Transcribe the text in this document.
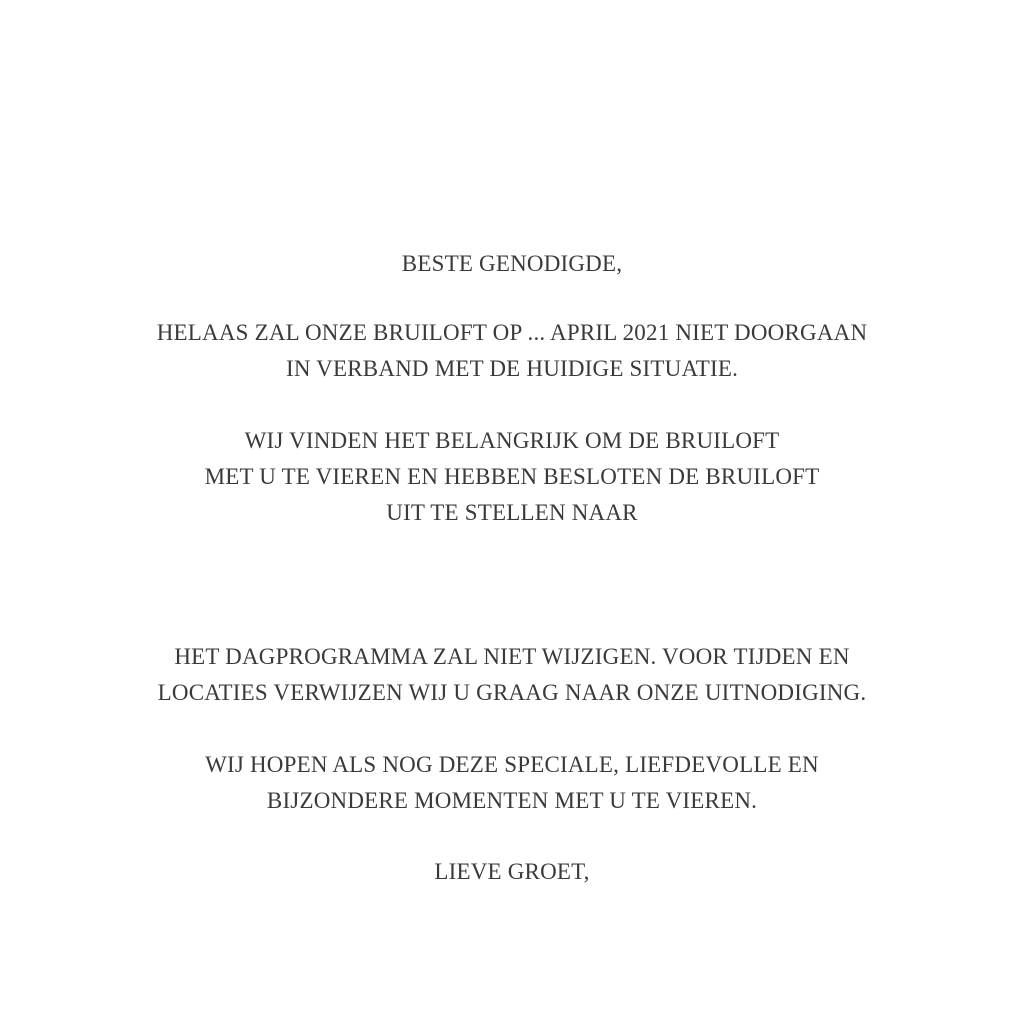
BESTE GENODIGDE,
HELAAS ZAL ONZE BRUILOFT OP ... APRIL 2021 NIET DOORGAAN
IN VERBAND MET DE HUIDIGE SITUATIE.
WIJ VINDEN HET BELANGRIJK OM DE BRUILOFT
MET U TE VIEREN EN HEBBEN BESLOTEN DE BRUILOFT
UIT TE STELLEN NAAR
HET DAGPROGRAMMA ZAL NIET WIJZIGEN. VOOR TIJDEN EN
LOCATIES VERWIJZEN WIJ U GRAAG NAAR ONZE UITNODIGING.
WIJ HOPEN ALS NOG DEZE SPECIALE, LIEFDEVOLLE EN
BIJZONDERE MOMENTEN MET U TE VIEREN.
LIEVE GROET,
